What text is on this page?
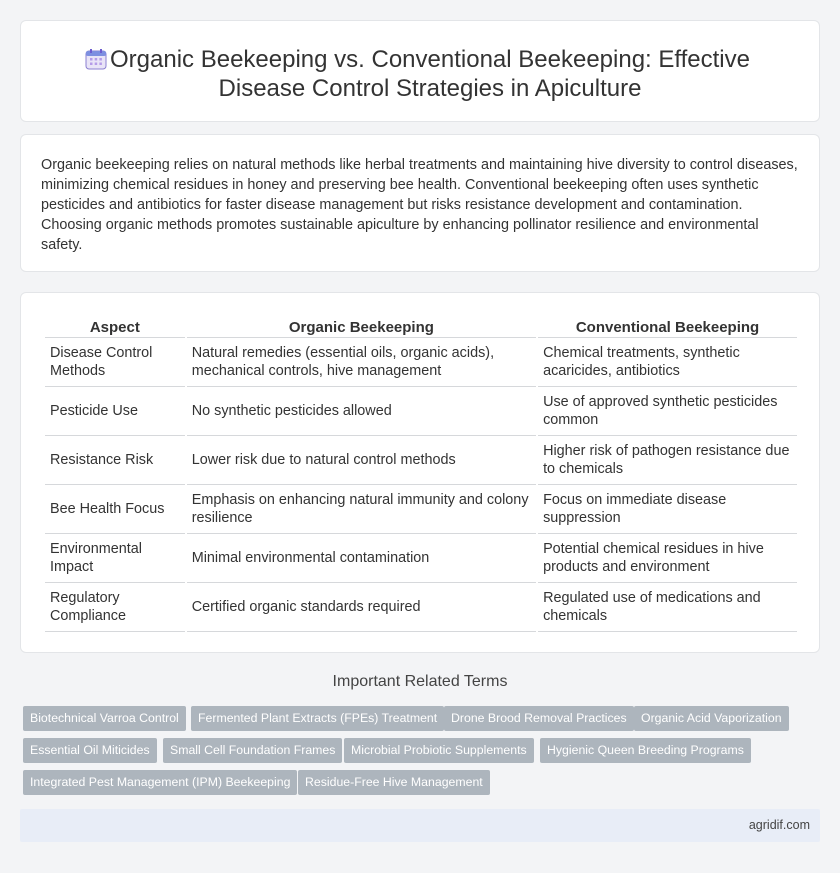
Organic Beekeeping vs. Conventional Beekeeping: Effective Disease Control Strategies in Apiculture

Organic beekeeping relies on natural methods like herbal treatments and maintaining hive diversity to control diseases, minimizing chemical residues in honey and preserving bee health. Conventional beekeeping often uses synthetic pesticides and antibiotics for faster disease management but risks resistance development and contamination. Choosing organic methods promotes sustainable apiculture by enhancing pollinator resilience and environmental safety.

Aspect	Organic Beekeeping	Conventional Beekeeping
Disease Control Methods	Natural remedies (essential oils, organic acids), mechanical controls, hive management	Chemical treatments, synthetic acaricides, antibiotics
Pesticide Use	No synthetic pesticides allowed	Use of approved synthetic pesticides common
Resistance Risk	Lower risk due to natural control methods	Higher risk of pathogen resistance due to chemicals
Bee Health Focus	Emphasis on enhancing natural immunity and colony resilience	Focus on immediate disease suppression
Environmental Impact	Minimal environmental contamination	Potential chemical residues in hive products and environment
Regulatory Compliance	Certified organic standards required	Regulated use of medications and chemicals
Important Related Terms
Biotechnical Varroa Control	Fermented Plant Extracts (FPEs) Treatment	Drone Brood Removal Practices	Organic Acid Vaporization
Essential Oil Miticides	Small Cell Foundation Frames	Microbial Probiotic Supplements	Hygienic Queen Breeding Programs
Integrated Pest Management (IPM) Beekeeping	Residue-Free Hive Management
agridif.com
